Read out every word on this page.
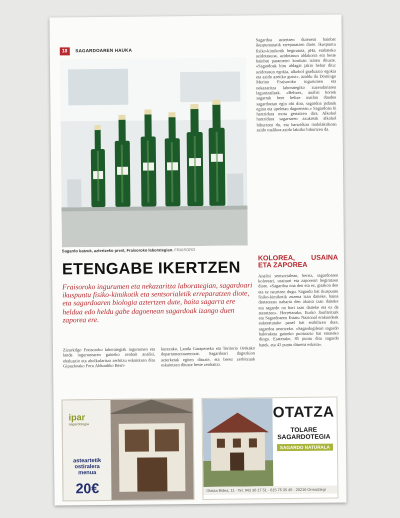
18 SAGARDOAREN HAUKA
Sagardo batzuk, aztertzeko prest, Fraisoroko laborategian. FRAISORO
Sagardoa aztertzen duteneat hainbat ikuspuntutatik erreparatzen diote. Ikuspuntu fisiko-kimikotik begiratuta, pHa, erabateko azidotasuna, azidotasun aldakorra eta beste hainbat parametro kontuan izaten dituzte. «Sagardoak hiru aldagai jakin behar ditu: azidotasun egokia, alkohol graduazio egokia eta azido azetiko gutxi», azaldu du Domingo Merino Fraisoroko ingurumen eta nekazaritza laborategiko zuzendariaren laguntzaileak. «Beltzez, analisi horiek sagarrak bere heltze mailan dauden sagardoetan egin ohi dira, sagardoa jadanik egina eta upeletan dagoenean.» Sagardoan bi hartzidura mota gertatzen dira. Alkohol hartzidura sagarraren azukreak alkohol bihurtzen du, eta hartzidura malolaktikoan azido malikoa azido laktiko bihurtzen da.
KOLOREA, USAINA ETA ZAPOREA
Analisi sentsorialean, berriz, sagardoaren koloreari, usainari eta zaporeari begiratzen diote. «Sagardoa ona den eta ez, gisakoa den eta ez neurtzen dugu. Sagardo bat ikuspuntu fisiko-kimikotik zuzena izan daiteke, baina dastatzean nabaria den akatsa izan daiteke eta sagardo on hori izan daiteke eta ez da ateratzen». Horretarako, Eusko Jaurlaritzak eta Sagardoaren Estatu Nazional erakundeak aukeratutako panel bat erabiltzen dute, sagardoa neurtzeko. «Sagardogileari sagardo baloraketa gaineko puntuazio bat emateko diogu. Esaterako, 85 puntu ditu sagardo batek, eta 43 puntu dituena eskasa».
ETENGABE IKERTZEN
Fraisoroko ingurumen eta nekazaritza laborategian, sagardoari ikuspuntu fisiko-kimikotik eta sentsorialetik erreparatzen diote, eta sagardoaren biologia aztertzen dute, baita sagarra ere heldua edo heldu gabe dagoenean sagardoak izango duen zaporea ere.
Zizurkilgo Fraisoroko laborategiak ingurumen eta landa ingurunearen gaineko zenbait analisi, ebaluazio eta aholkularitza zerbitzu eskaintzen ditu Gipuzkoako Foru Aldundiko Berri-
kuntzako, Landa Garapeneko eta Teritorio Orekako departamentuarentzat. Sagardoari dagozkion azterketak egiten dituzte, eta berez zerbitzuak eskaintzen dituzte beste zenbaitzi.
ipar
sagardotegia
asteartetik
ostiralera
menua
20€
OTATZA
TOLARE
SAGARDOTEGIA
SAGARDO NATURALA
Otatza Bidea, 11 · Tel. 943 36 17 51 · 615 75 35 45 · 20216 Ormaiztegi
